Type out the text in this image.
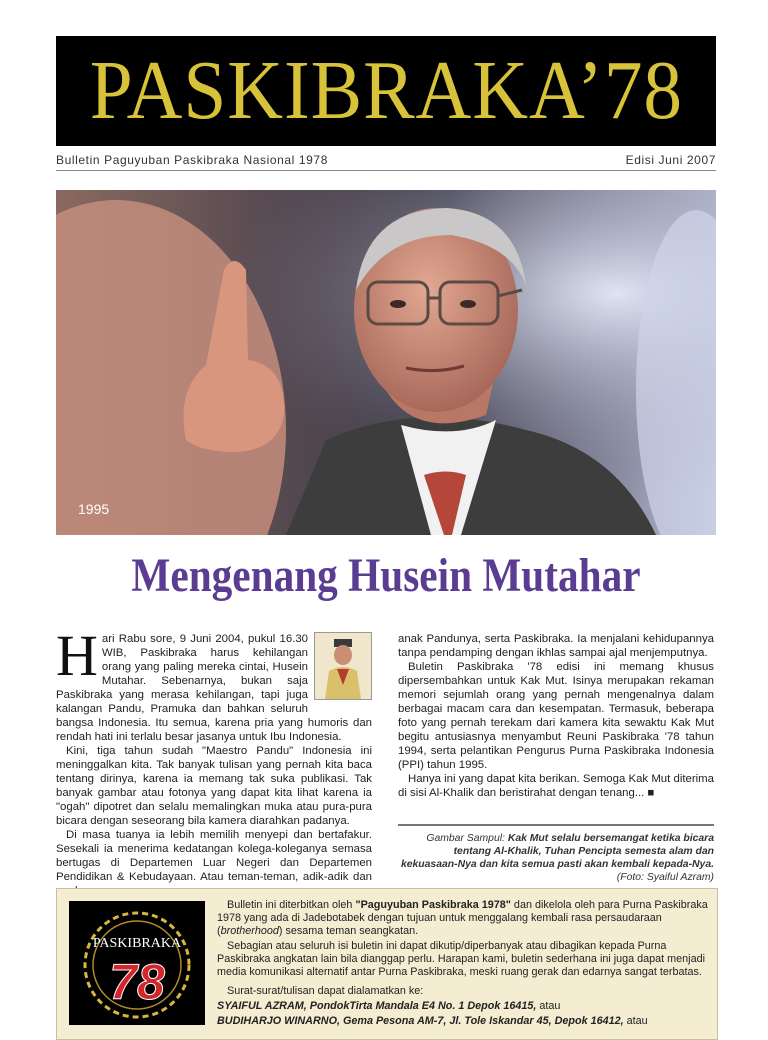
PASKIBRAKA’78
Bulletin Paguyuban Paskibraka Nasional 1978	Edisi Juni 2007
1995
Mengenang Husein Mutahar
H ari Rabu sore, 9 Juni 2004, pukul 16.30 WIB, Paskibraka harus kehilangan orang yang paling mereka cintai, Husein Mutahar. Sebenarnya, bukan saja Paskibraka yang merasa kehilangan, tapi juga kalangan Pandu, Pramuka dan bahkan seluruh bangsa Indonesia. Itu semua, karena pria yang humoris dan rendah hati ini terlalu besar jasanya untuk Ibu Indonesia.

Kini, tiga tahun sudah "Maestro Pandu" Indonesia ini meninggalkan kita. Tak banyak tulisan yang pernah kita baca tentang dirinya, karena ia memang tak suka publikasi. Tak banyak gambar atau fotonya yang dapat kita lihat karena ia "ogah" dipotret dan selalu memalingkan muka atau pura-pura bicara dengan seseorang bila kamera diarahkan padanya.

Di masa tuanya ia lebih memilih menyepi dan bertafakur. Sesekali ia menerima kedatangan kolega-koleganya semasa bertugas di Departemen Luar Negeri dan Departemen Pendidikan & Kebudayaan. Atau teman-teman, adik-adik dan

anak Pandunya, serta Paskibraka. Ia menjalani kehidupannya tanpa pendamping dengan ikhlas sampai ajal menjemputnya.

Buletin Paskibraka '78 edisi ini memang khusus dipersembahkan untuk Kak Mut. Isinya merupakan rekaman memori sejumlah orang yang pernah mengenalnya dalam berbagai macam cara dan kesempatan. Termasuk, beberapa foto yang pernah terekam dari kamera kita sewaktu Kak Mut begitu antusiasnya menyambut Reuni Paskibraka '78 tahun 1994, serta pelantikan Pengurus Purna Paskibraka Indonesia (PPI) tahun 1995.

Hanya ini yang dapat kita berikan. Semoga Kak Mut diterima di sisi Al-Khalik dan beristirahat dengan tenang... ■

Gambar Sampul: Kak Mut selalu bersemangat ketika bicara tentang Al-Khalik, Tuhan Pencipta semesta alam dan kekuasaan-Nya dan kita semua pasti akan kembali kepada-Nya. (Foto: Syaiful Azram)
PASKIBRAKA
78

Bulletin ini diterbitkan oleh "Paguyuban Paskibraka 1978" dan dikelola oleh para Purna Paskibraka 1978 yang ada di Jadebotabek dengan tujuan untuk menggalang kembali rasa persaudaraan (brotherhood) sesama teman seangkatan.

Sebagian atau seluruh isi buletin ini dapat dikutip/diperbanyak atau dibagikan kepada Purna Paskibraka angkatan lain bila dianggap perlu. Harapan kami, buletin sederhana ini juga dapat menjadi media komunikasi alternatif antar Purna Paskibraka, meski ruang gerak dan edarnya sangat terbatas.

Surat-surat/tulisan dapat dialamatkan ke:

SYAIFUL AZRAM, PondokTirta Mandala E4 No. 1 Depok 16415, atau

BUDIHARJO WINARNO, Gema Pesona AM-7, Jl. Tole Iskandar 45, Depok 16412, atau
